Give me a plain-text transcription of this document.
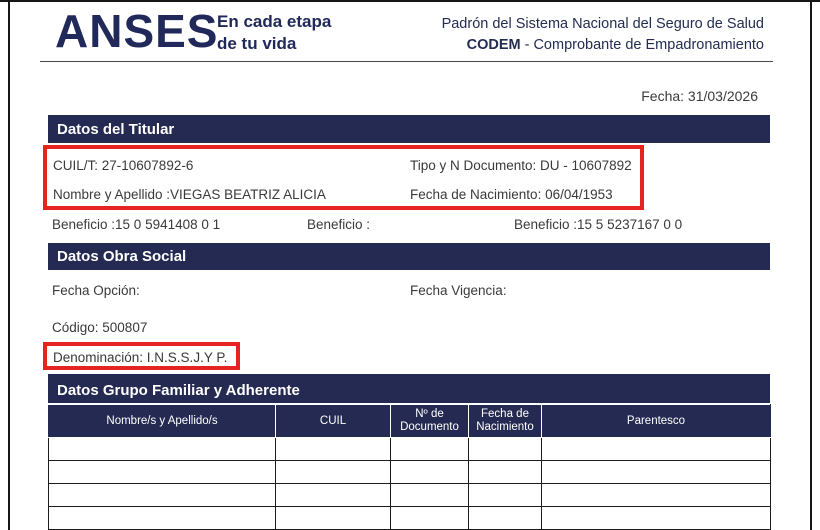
ANSES
En cada etapa
de tu vida
Padrón del Sistema Nacional del Seguro de Salud
CODEM - Comprobante de Empadronamiento
Fecha: 31/03/2026
Datos del Titular
CUIL/T: 27-10607892-6	Tipo y N Documento: DU - 10607892
Nombre y Apellido :VIEGAS BEATRIZ ALICIA	Fecha de Nacimiento: 06/04/1953
Beneficio :15 0 5941408 0 1	Beneficio :	Beneficio :15 5 5237167 0 0
Datos Obra Social
Fecha Opción:	Fecha Vigencia:
Código: 500807
Denominación: I.N.S.S.J.Y P.
Datos Grupo Familiar y Adherente
Nombre/s y Apellido/s	CUIL	Nº de Documento	Fecha de Nacimiento	Parentesco
